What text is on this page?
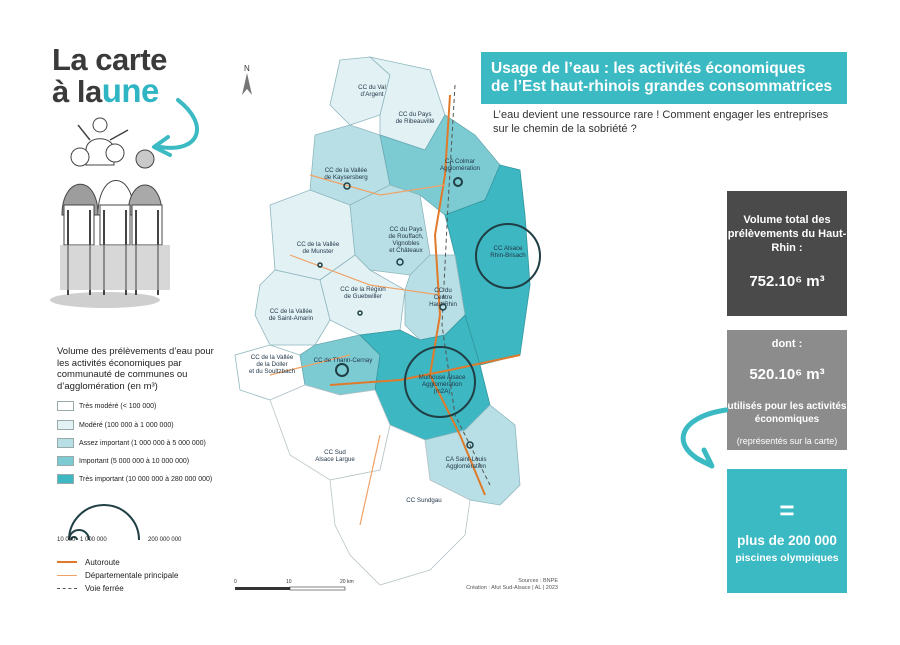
La carte
à laune
N
0	10	20 km
CC du Val
d’Argent
CC du Pays
de Ribeauvillé
CA Colmar
Agglomération
CC de la Vallée
de Kaysersberg
CC du Pays
de Rouffach,
Vignobles
et Châteaux
CC de la Vallée
de Munster	CC Alsace
Rhin-Brisach
CC de la Région
de Guebwiller
CC du
Centre
Haut-Rhin
CC de la Vallée
de Saint-Amarin
CC de la Vallée
de la Doller
et du Soultzbach
CC de Thann-Cernay
Mulhouse Alsace
Agglomération
(m2A)
CC Sud
Alsace Largue	CA Saint-Louis
Agglomération
CC Sundgau
Sources : BNPE
Création : Afut Sud-Alsace | AL | 2023
Usage de l’eau : les activités économiques
de l’Est haut-rhinois grandes consommatrices
L’eau devient une ressource rare ! Comment engager les entreprises sur le chemin de la sobriété ?
Volume total des prélèvements du Haut-Rhin :
752.10⁶ m³
dont :
520.10⁶ m³
utilisés pour les activités économiques
(représentés sur la carte)
=
plus de 200 000
piscines olympiques
Volume des prélèvements d’eau pour les activités économiques par communauté de communes ou d’agglomération (en m³)
Très modéré (< 100 000)
Modéré (100 000 à 1 000 000)
Assez important (1 000 000 à 5 000 000)
Important (5 000 000 à 10 000 000)
Très important (10 000 000 à 280 000 000)
10 000 1 000 000	200 000 000
Autoroute
Départementale principale
Voie ferrée
